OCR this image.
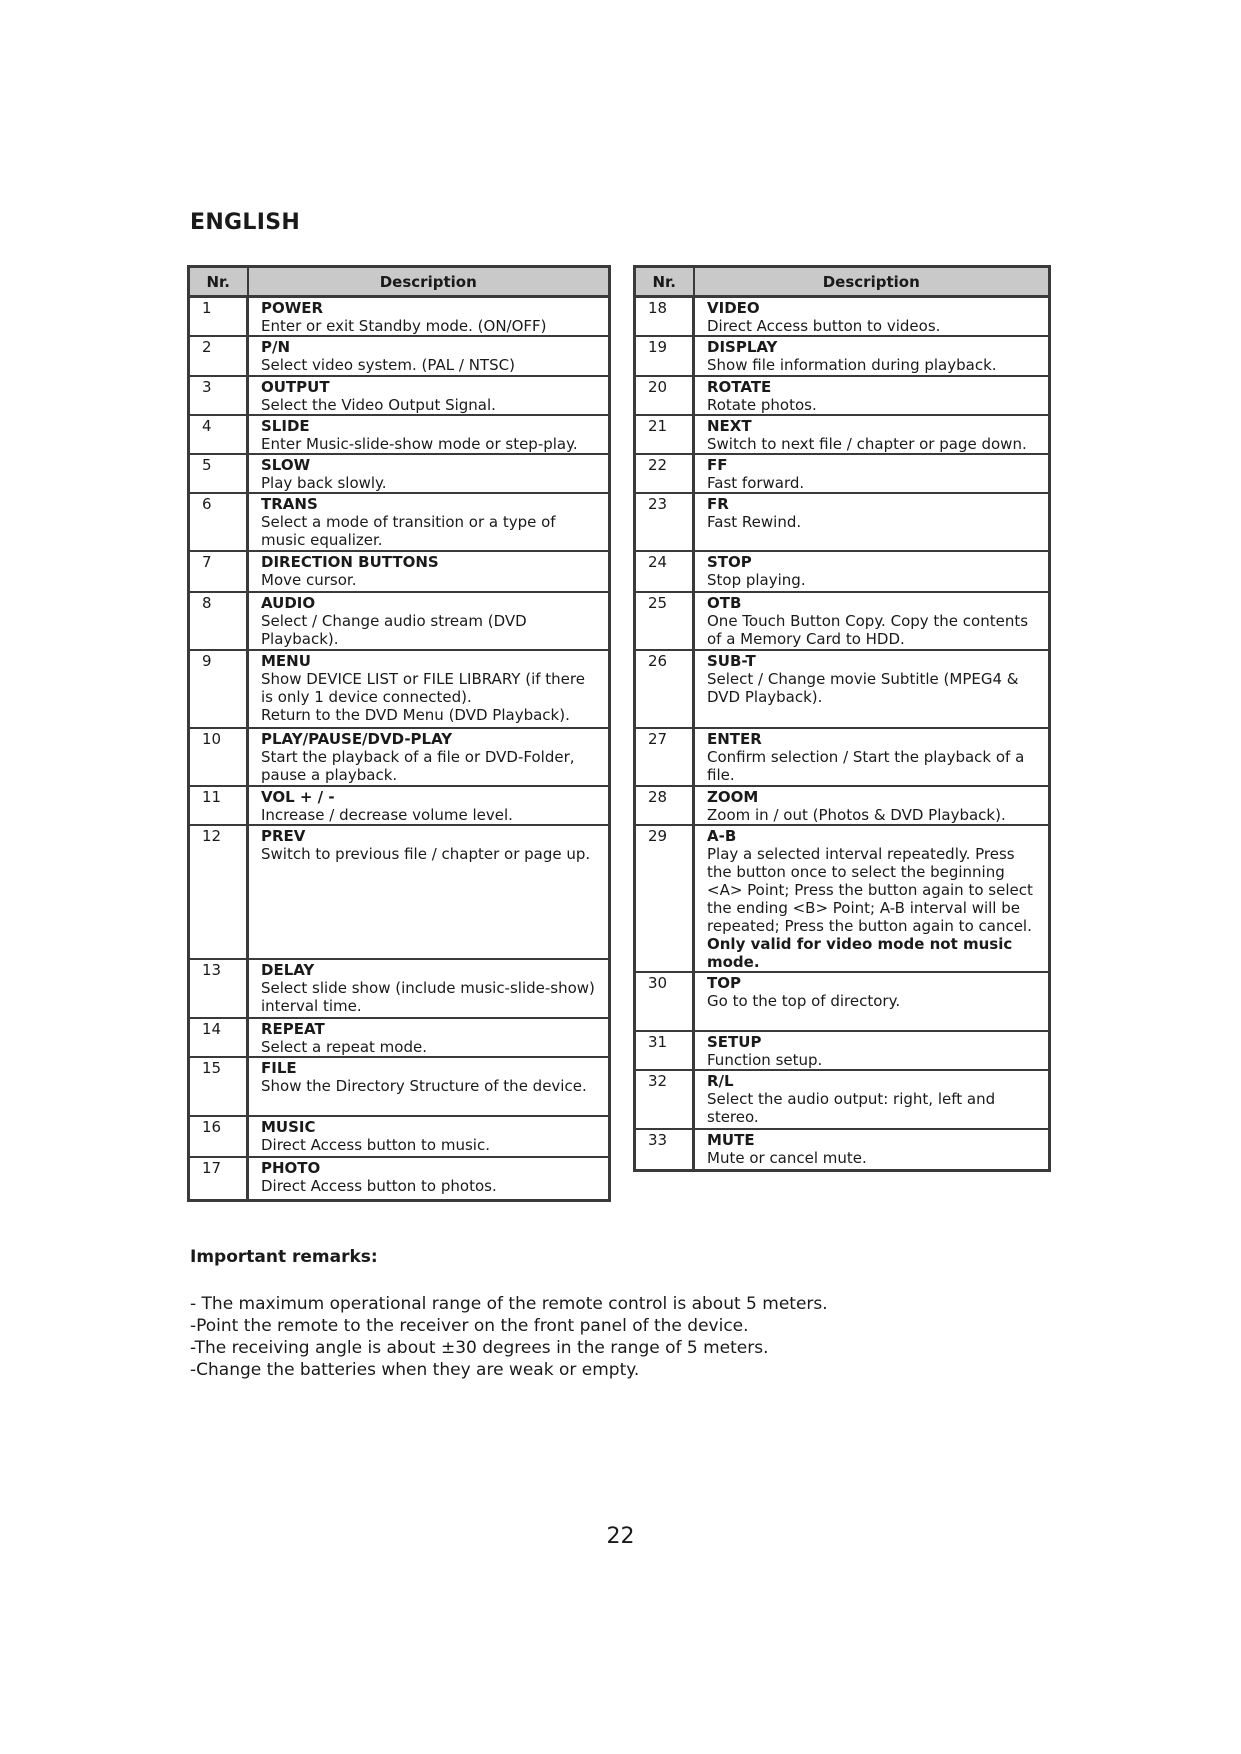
ENGLISH
Nr.	Description
1	POWER
Enter or exit Standby mode. (ON/OFF)

2	P/N
Select video system. (PAL / NTSC)

3	OUTPUT
Select the Video Output Signal.

4	SLIDE
Enter Music-slide-show mode or step-play.

5	SLOW
Play back slowly.

6	TRANS
Select a mode of transition or a type of music equalizer.

7	DIRECTION BUTTONS
Move cursor.

8	AUDIO
Select / Change audio stream (DVD Playback).

9	MENU
Show DEVICE LIST or FILE LIBRARY (if there is only 1 device connected).
Return to the DVD Menu (DVD Playback).

10	PLAY/PAUSE/DVD-PLAY
Start the playback of a file or DVD-Folder, pause a playback.

11	VOL + / -
Increase / decrease volume level.

12	PREV
Switch to previous file / chapter or page up.

13	DELAY
Select slide show (include music-slide-show) interval time.

14	REPEAT
Select a repeat mode.

15	FILE
Show the Directory Structure of the device.

16	MUSIC
Direct Access button to music.

17	PHOTO
Direct Access button to photos.
Nr.	Description
18	VIDEO
Direct Access button to videos.

19	DISPLAY
Show file information during playback.

20	ROTATE
Rotate photos.

21	NEXT
Switch to next file / chapter or page down.

22	FF
Fast forward.

23	FR
Fast Rewind.

24	STOP
Stop playing.

25	OTB
One Touch Button Copy. Copy the contents of a Memory Card to HDD.

26	SUB-T
Select / Change movie Subtitle (MPEG4 & DVD Playback).

27	ENTER
Confirm selection / Start the playback of a file.

28	ZOOM
Zoom in / out (Photos & DVD Playback).

29	A-B
Play a selected interval repeatedly. Press the button once to select the beginning <A> Point; Press the button again to select the ending <B> Point; A-B interval will be repeated; Press the button again to cancel.
Only valid for video mode not music mode.

30	TOP
Go to the top of directory.

31	SETUP
Function setup.

32	R/L
Select the audio output: right, left and stereo.

33	MUTE
Mute or cancel mute.
Important remarks:
- The maximum operational range of the remote control is about 5 meters.
-Point the remote to the receiver on the front panel of the device.
-The receiving angle is about ±30 degrees in the range of 5 meters.
-Change the batteries when they are weak or empty.
22
